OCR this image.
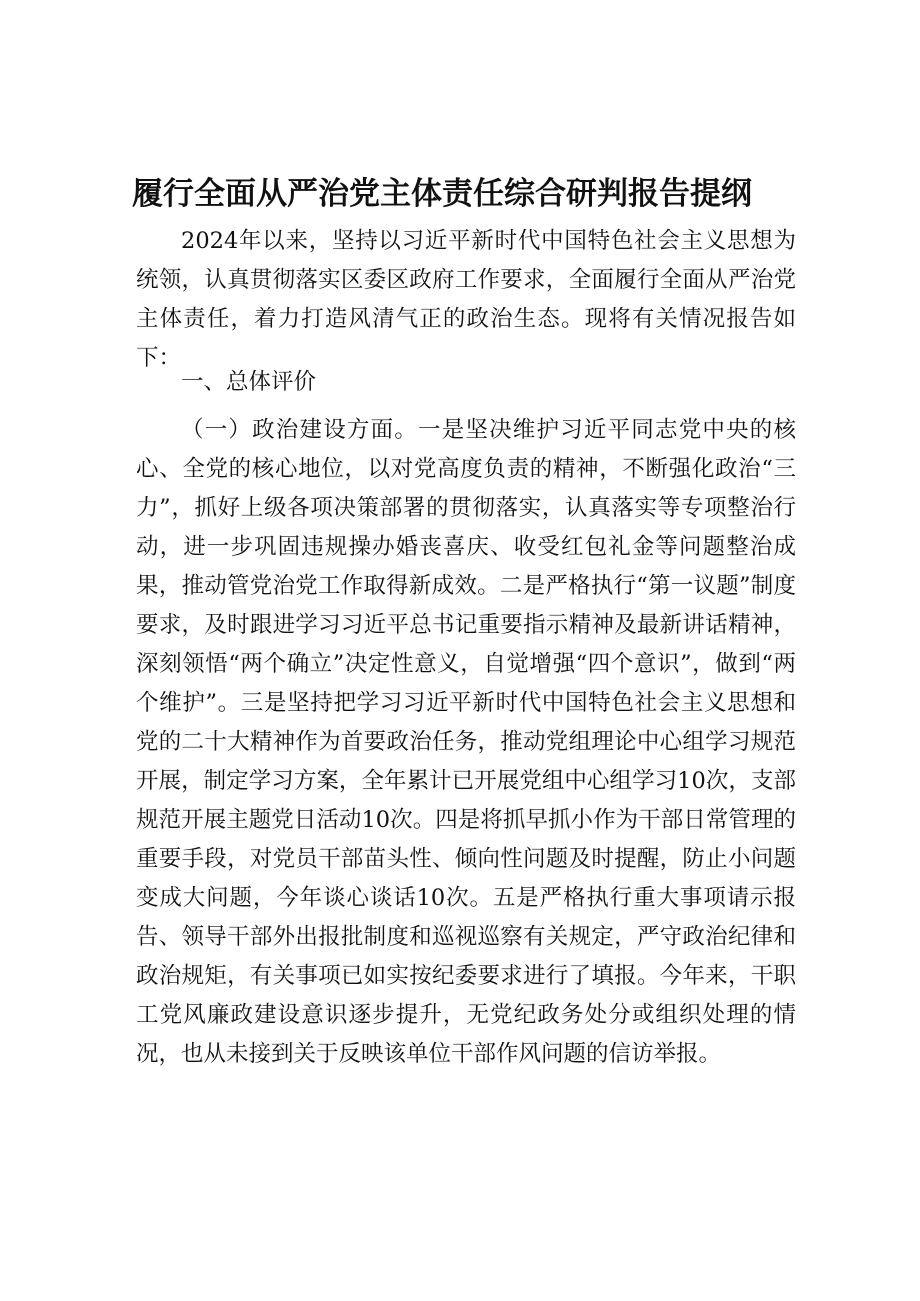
履行全面从严治党主体责任综合研判报告提纲

2024年以来，坚持以习近平新时代中国特色社会主义思想为统领，认真贯彻落实区委区政府工作要求，全面履行全面从严治党主体责任，着力打造风清气正的政治生态。现将有关情况报告如下：

一、总体评价

（一）政治建设方面。一是坚决维护习近平同志党中央的核心、全党的核心地位，以对党高度负责的精神，不断强化政治“三力”，抓好上级各项决策部署的贯彻落实，认真落实等专项整治行动，进一步巩固违规操办婚丧喜庆、收受红包礼金等问题整治成果，推动管党治党工作取得新成效。二是严格执行“第一议题”制度要求，及时跟进学习习近平总书记重要指示精神及最新讲话精神，深刻领悟“两个确立”决定性意义，自觉增强“四个意识”，做到“两个维护”。三是坚持把学习习近平新时代中国特色社会主义思想和党的二十大精神作为首要政治任务，推动党组理论中心组学习规范开展，制定学习方案，全年累计已开展党组中心组学习10次，支部规范开展主题党日活动10次。四是将抓早抓小作为干部日常管理的重要手段，对党员干部苗头性、倾向性问题及时提醒，防止小问题变成大问题，今年谈心谈话10次。五是严格执行重大事项请示报告、领导干部外出报批制度和巡视巡察有关规定，严守政治纪律和政治规矩，有关事项已如实按纪委要求进行了填报。今年来，干职工党风廉政建设意识逐步提升，无党纪政务处分或组织处理的情况，也从未接到关于反映该单位干部作风问题的信访举报。
